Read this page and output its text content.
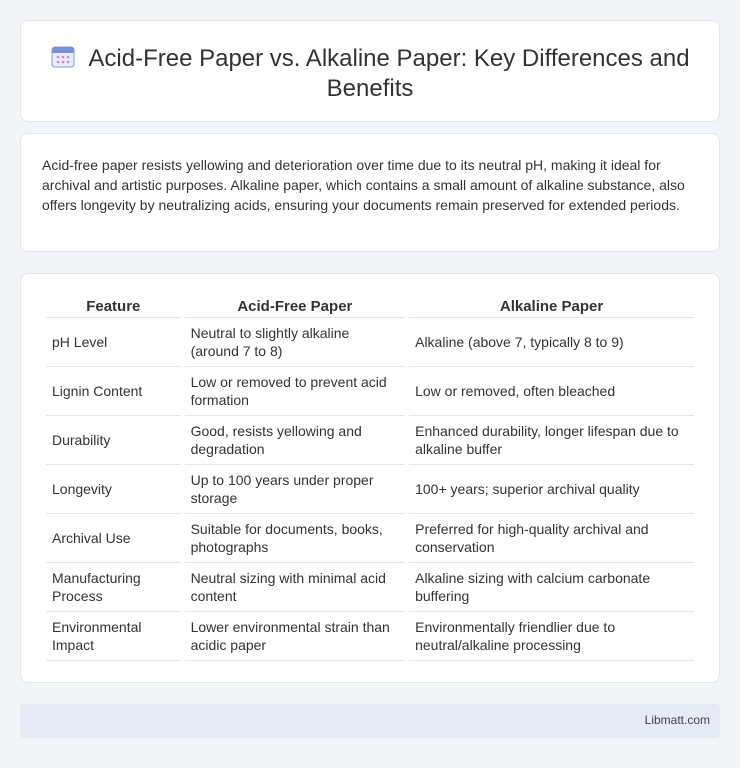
Acid-Free Paper vs. Alkaline Paper: Key Differences and Benefits

Acid-free paper resists yellowing and deterioration over time due to its neutral pH, making it ideal for archival and artistic purposes. Alkaline paper, which contains a small amount of alkaline substance, also offers longevity by neutralizing acids, ensuring your documents remain preserved for extended periods.

Feature	Acid-Free Paper	Alkaline Paper
pH Level	Neutral to slightly alkaline (around 7 to 8)	Alkaline (above 7, typically 8 to 9)
Lignin Content	Low or removed to prevent acid formation	Low or removed, often bleached
Durability	Good, resists yellowing and degradation	Enhanced durability, longer lifespan due to alkaline buffer
Longevity	Up to 100 years under proper storage	100+ years; superior archival quality
Archival Use	Suitable for documents, books, photographs	Preferred for high-quality archival and conservation
Manufacturing Process	Neutral sizing with minimal acid content	Alkaline sizing with calcium carbonate buffering
Environmental Impact	Lower environmental strain than acidic paper	Environmentally friendlier due to neutral/alkaline processing
Libmatt.com
